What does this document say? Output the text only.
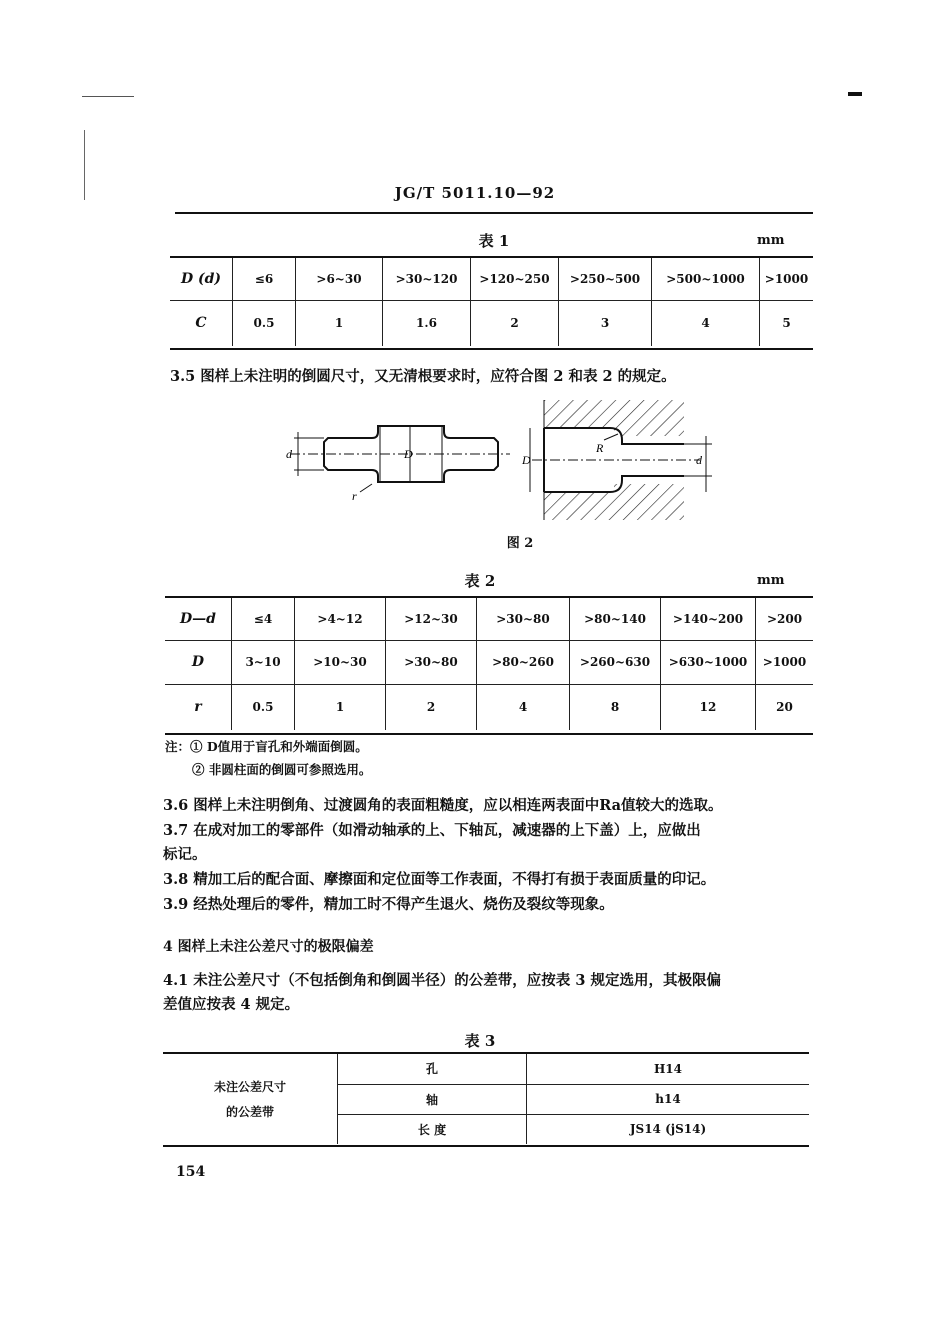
JG/T 5011.10—92
表 1	mm
D (d)	≤6	>6~30	>30~120	>120~250	>250~500	>500~1000	>1000
C	0.5	1	1.6	2	3	4	5
3.5 图样上未注明的倒圆尺寸，又无清根要求时，应符合图 2 和表 2 的规定。
d	D
r
D
R
d
图 2
表 2	mm
D—d	≤4	>4~12	>12~30	>30~80	>80~140	>140~200	>200
D	3~10	>10~30	>30~80	>80~260	>260~630	>630~1000	>1000
r	0.5	1	2	4	8	12	20
注：① D值用于盲孔和外端面倒圆。
② 非圆柱面的倒圆可参照选用。
3.6 图样上未注明倒角、过渡圆角的表面粗糙度，应以相连两表面中Ra值较大的选取。
3.7 在成对加工的零部件（如滑动轴承的上、下轴瓦，减速器的上下盖）上，应做出
标记。
3.8 精加工后的配合面、摩擦面和定位面等工作表面，不得打有损于表面质量的印记。
3.9 经热处理后的零件，精加工时不得产生退火、烧伤及裂纹等现象。
4 图样上未注公差尺寸的极限偏差
4.1 未注公差尺寸（不包括倒角和倒圆半径）的公差带，应按表 3 规定选用，其极限偏
差值应按表 4 规定。
表 3
未注公差尺寸
的公差带	孔	H14
	轴	h14
	长 度	JS14 (jS14)
154
